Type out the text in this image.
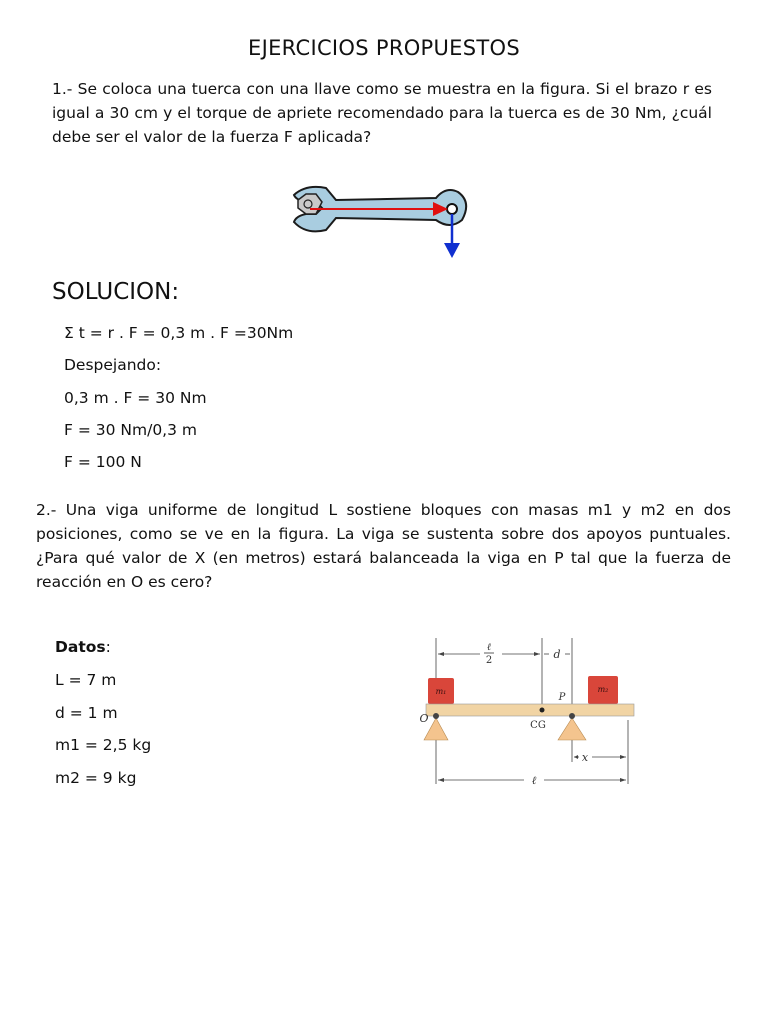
EJERCICIOS PROPUESTOS
1.- Se coloca una tuerca con una llave como se muestra en la figura. Si el brazo r es igual a 30 cm y el torque de apriete recomendado para la tuerca es de 30 Nm, ¿cuál debe ser el valor de la fuerza F aplicada?
SOLUCION:
Σ t = r . F = 0,3 m . F =30Nm
Despejando:
0,3 m . F = 30 Nm
F = 30 Nm/0,3 m
F = 100 N
2.- Una viga uniforme de longitud L sostiene bloques con masas m1 y m2 en dos posiciones, como se ve en la figura. La viga se sustenta sobre dos apoyos puntuales. ¿Para qué valor de X (en metros) estará balanceada la viga en P tal que la fuerza de reacción en O es cero?
Datos:
L = 7 m
d = 1 m
m1 = 2,5 kg
m2 = 9 kg
ℓ
2	d
m₁	m₂
P
CG
O
x
ℓ
